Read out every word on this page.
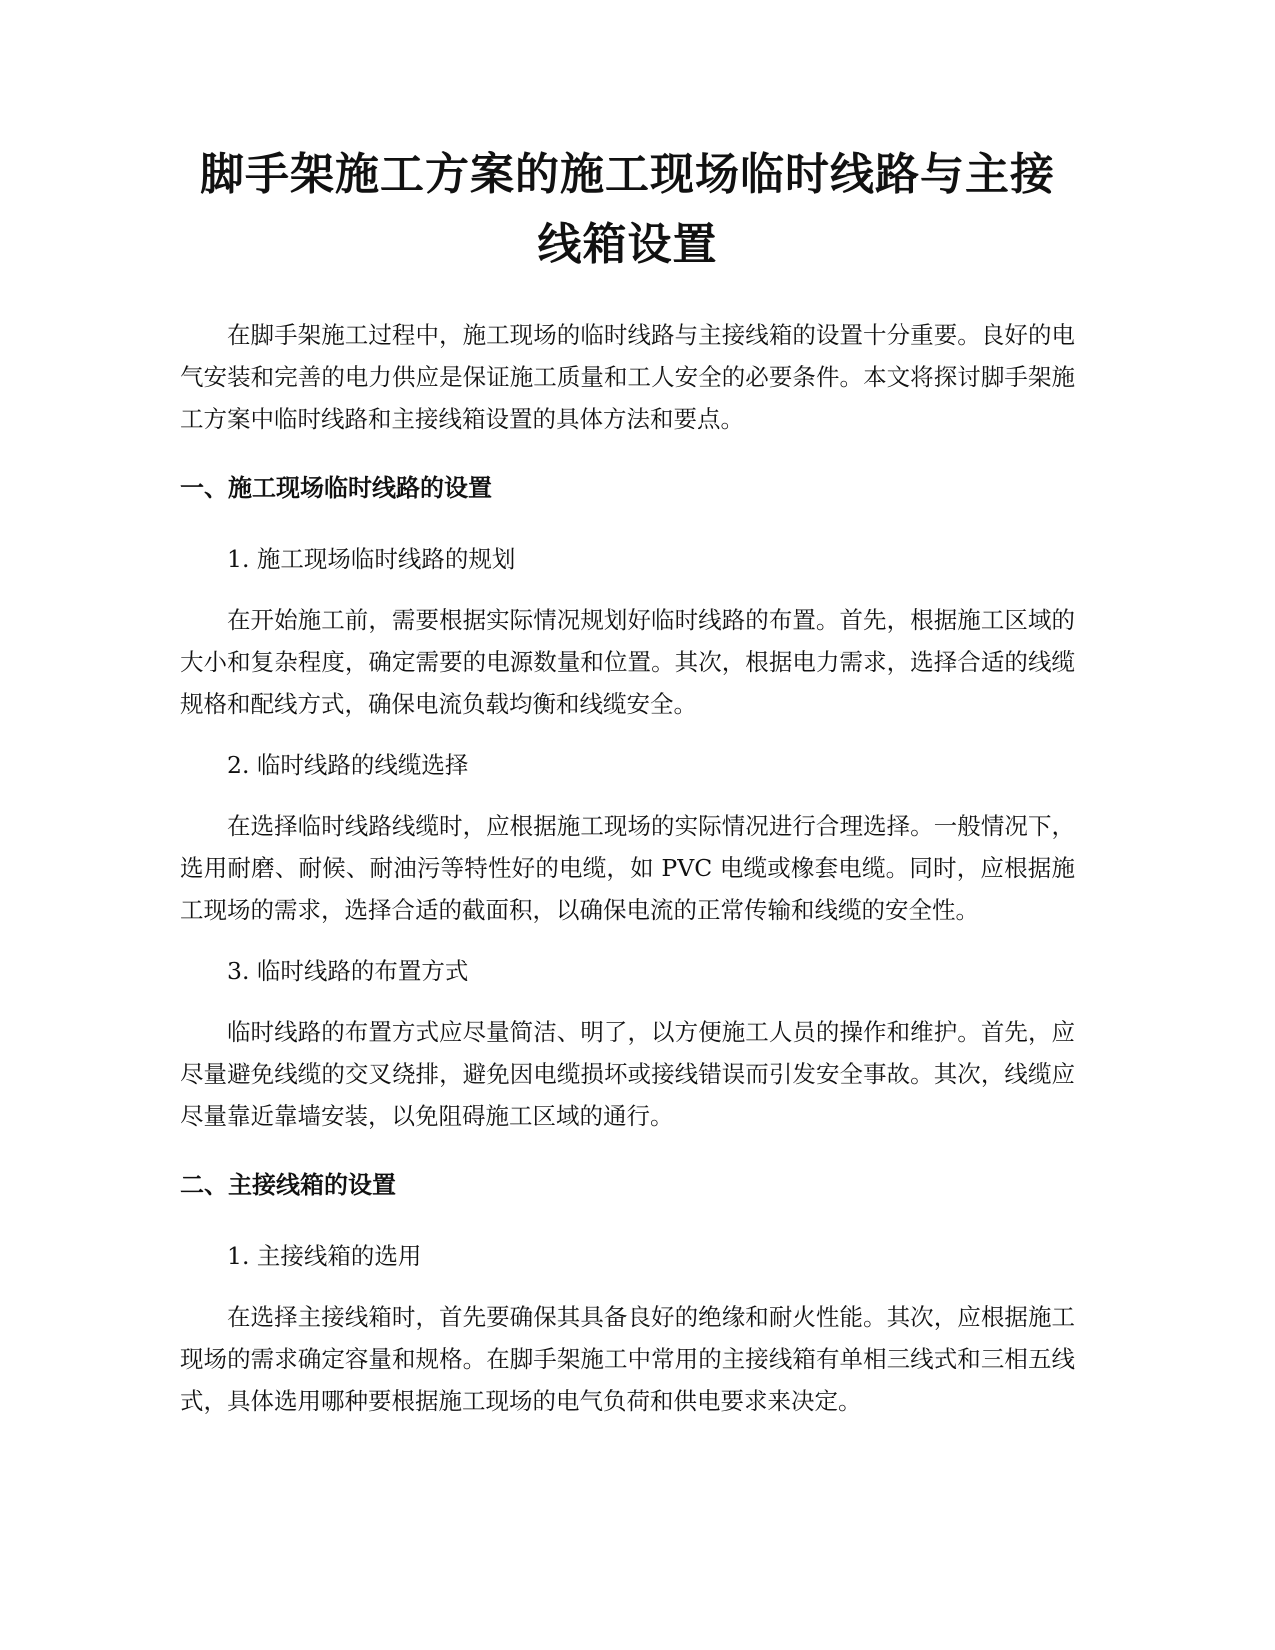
脚手架施工方案的施工现场临时线路与主接
线箱设置

在脚手架施工过程中，施工现场的临时线路与主接线箱的设置十分重要。良好的电气安装和完善的电力供应是保证施工质量和工人安全的必要条件。本文将探讨脚手架施工方案中临时线路和主接线箱设置的具体方法和要点。

一、施工现场临时线路的设置

1. 施工现场临时线路的规划

在开始施工前，需要根据实际情况规划好临时线路的布置。首先，根据施工区域的大小和复杂程度，确定需要的电源数量和位置。其次，根据电力需求，选择合适的线缆规格和配线方式，确保电流负载均衡和线缆安全。

2. 临时线路的线缆选择

在选择临时线路线缆时，应根据施工现场的实际情况进行合理选择。一般情况下，选用耐磨、耐候、耐油污等特性好的电缆，如 PVC 电缆或橡套电缆。同时，应根据施工现场的需求，选择合适的截面积，以确保电流的正常传输和线缆的安全性。

3. 临时线路的布置方式

临时线路的布置方式应尽量简洁、明了，以方便施工人员的操作和维护。首先，应尽量避免线缆的交叉绕排，避免因电缆损坏或接线错误而引发安全事故。其次，线缆应尽量靠近靠墙安装，以免阻碍施工区域的通行。

二、主接线箱的设置

1. 主接线箱的选用

在选择主接线箱时，首先要确保其具备良好的绝缘和耐火性能。其次，应根据施工现场的需求确定容量和规格。在脚手架施工中常用的主接线箱有单相三线式和三相五线式，具体选用哪种要根据施工现场的电气负荷和供电要求来决定。
